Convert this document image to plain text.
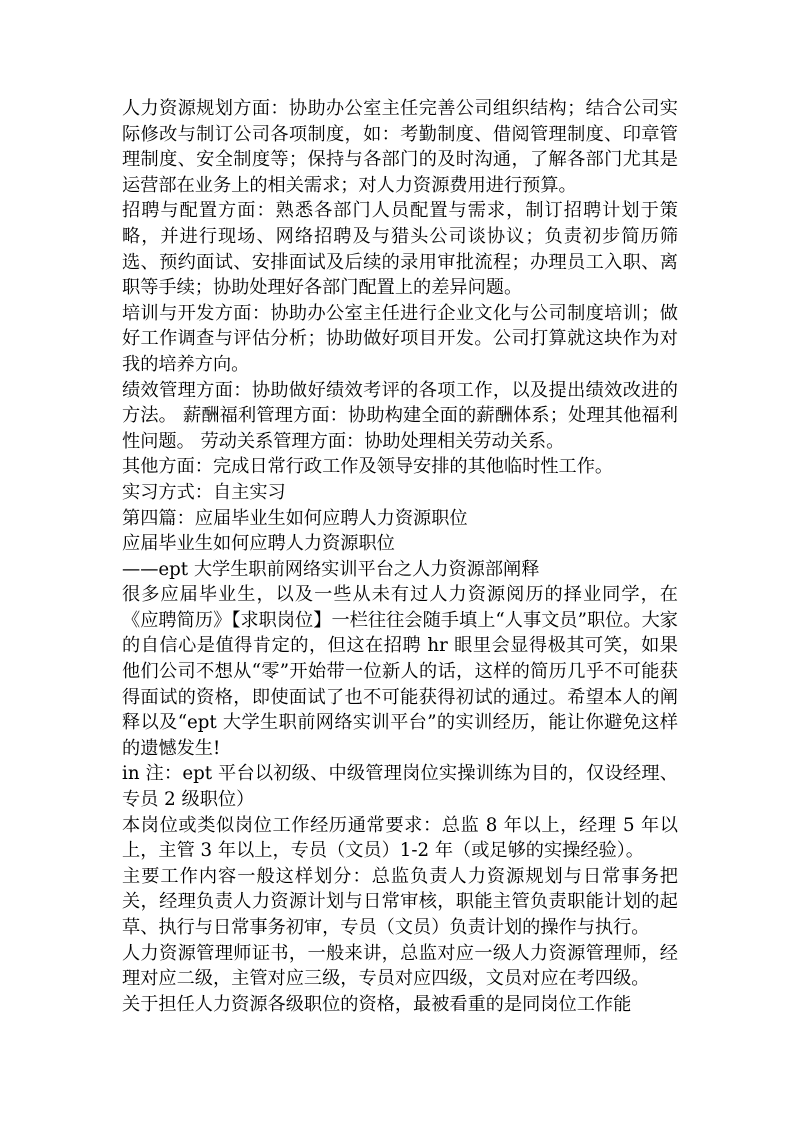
人力资源规划方面：协助办公室主任完善公司组织结构；结合公司实际修改与制订公司各项制度，如：考勤制度、借阅管理制度、印章管理制度、安全制度等；保持与各部门的及时沟通，了解各部门尤其是运营部在业务上的相关需求；对人力资源费用进行预算。

招聘与配置方面：熟悉各部门人员配置与需求，制订招聘计划于策略，并进行现场、网络招聘及与猎头公司谈协议；负责初步简历筛选、预约面试、安排面试及后续的录用审批流程；办理员工入职、离职等手续；协助处理好各部门配置上的差异问题。

培训与开发方面：协助办公室主任进行企业文化与公司制度培训；做好工作调查与评估分析；协助做好项目开发。公司打算就这块作为对我的培养方向。

绩效管理方面：协助做好绩效考评的各项工作，以及提出绩效改进的方法。 薪酬福利管理方面：协助构建全面的薪酬体系；处理其他福利性问题。 劳动关系管理方面：协助处理相关劳动关系。

其他方面：完成日常行政工作及领导安排的其他临时性工作。

实习方式：自主实习

第四篇：应届毕业生如何应聘人力资源职位

应届毕业生如何应聘人力资源职位

——ept 大学生职前网络实训平台之人力资源部阐释

很多应届毕业生，以及一些从未有过人力资源阅历的择业同学，在《应聘简历》【求职岗位】一栏往往会随手填上“人事文员”职位。大家的自信心是值得肯定的，但这在招聘 hr 眼里会显得极其可笑，如果他们公司不想从“零”开始带一位新人的话，这样的简历几乎不可能获得面试的资格，即使面试了也不可能获得初试的通过。希望本人的阐释以及“ept 大学生职前网络实训平台”的实训经历，能让你避免这样的遗憾发生!

in 注：ept 平台以初级、中级管理岗位实操训练为目的，仅设经理、专员 2 级职位）

本岗位或类似岗位工作经历通常要求：总监 8 年以上，经理 5 年以上，主管 3 年以上，专员（文员）1-2 年（或足够的实操经验）。

主要工作内容一般这样划分：总监负责人力资源规划与日常事务把关，经理负责人力资源计划与日常审核，职能主管负责职能计划的起草、执行与日常事务初审，专员（文员）负责计划的操作与执行。

人力资源管理师证书，一般来讲，总监对应一级人力资源管理师，经理对应二级，主管对应三级，专员对应四级，文员对应在考四级。

关于担任人力资源各级职位的资格，最被看重的是同岗位工作能
